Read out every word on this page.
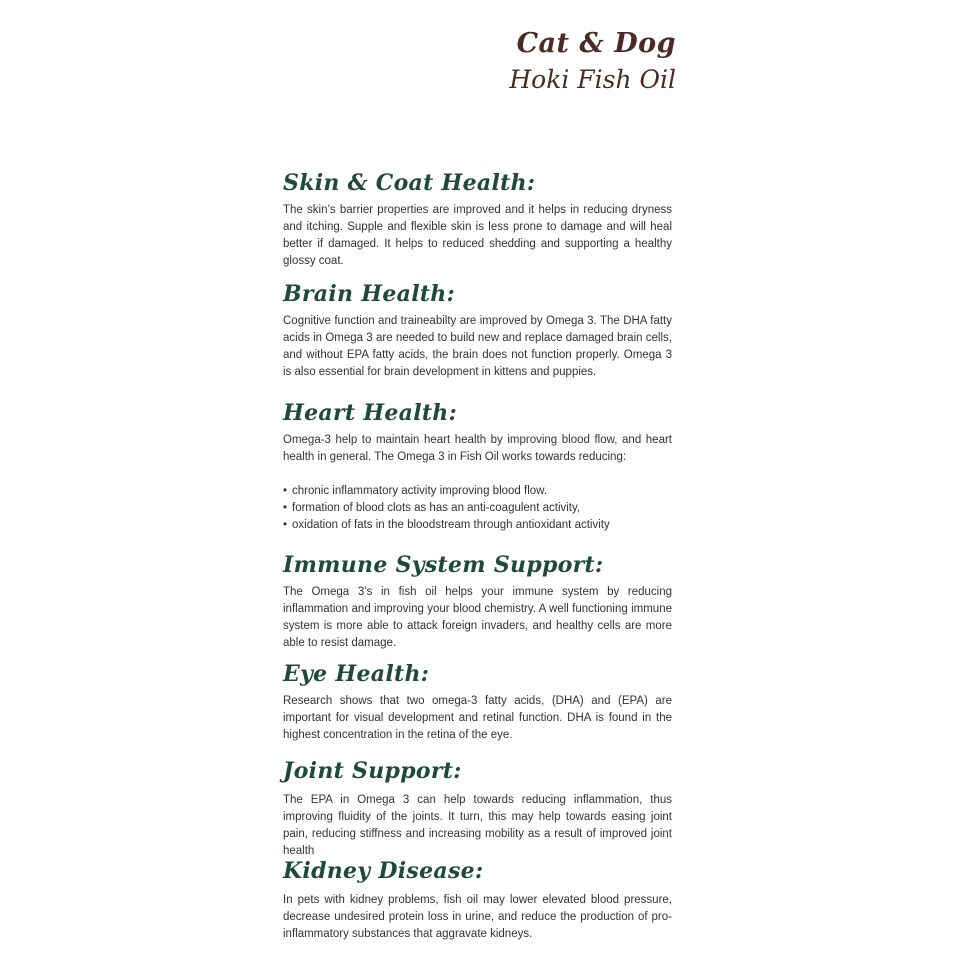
Cat & Dog
Hoki Fish Oil
Skin & Coat Health:

The skin’s barrier properties are improved and it helps in reducing dryness and itching. Supple and flexible skin is less prone to damage and will heal better if damaged. It helps to reduced shedding and supporting a healthy glossy coat.

Brain Health:

Cognitive function and traineabilty are improved by Omega 3. The DHA fatty acids in Omega 3 are needed to build new and replace damaged brain cells, and without EPA fatty acids, the brain does not function properly. Omega 3 is also essential for brain development in kittens and puppies.

Heart Health:

Omega-3 help to maintain heart health by improving blood flow, and heart health in general. The Omega 3 in Fish Oil works towards reducing:

• chronic inflammatory activity improving blood flow.
• formation of blood clots as has an anti-coagulent activity,
• oxidation of fats in the bloodstream through antioxidant activity
Immune System Support:

The Omega 3’s in fish oil helps your immune system by reducing inflammation and improving your blood chemistry. A well functioning immune system is more able to attack foreign invaders, and healthy cells are more able to resist damage.

Eye Health:

Research shows that two omega-3 fatty acids, (DHA) and (EPA) are important for visual development and retinal function. DHA is found in the highest concentration in the retina of the eye.

Joint Support:

The EPA in Omega 3 can help towards reducing inflammation, thus improving fluidity of the joints. It turn, this may help towards easing joint pain, reducing stiffness and increasing mobility as a result of improved joint health

Kidney Disease:

In pets with kidney problems, fish oil may lower elevated blood pressure, decrease undesired protein loss in urine, and reduce the production of pro-inflammatory substances that aggravate kidneys.
